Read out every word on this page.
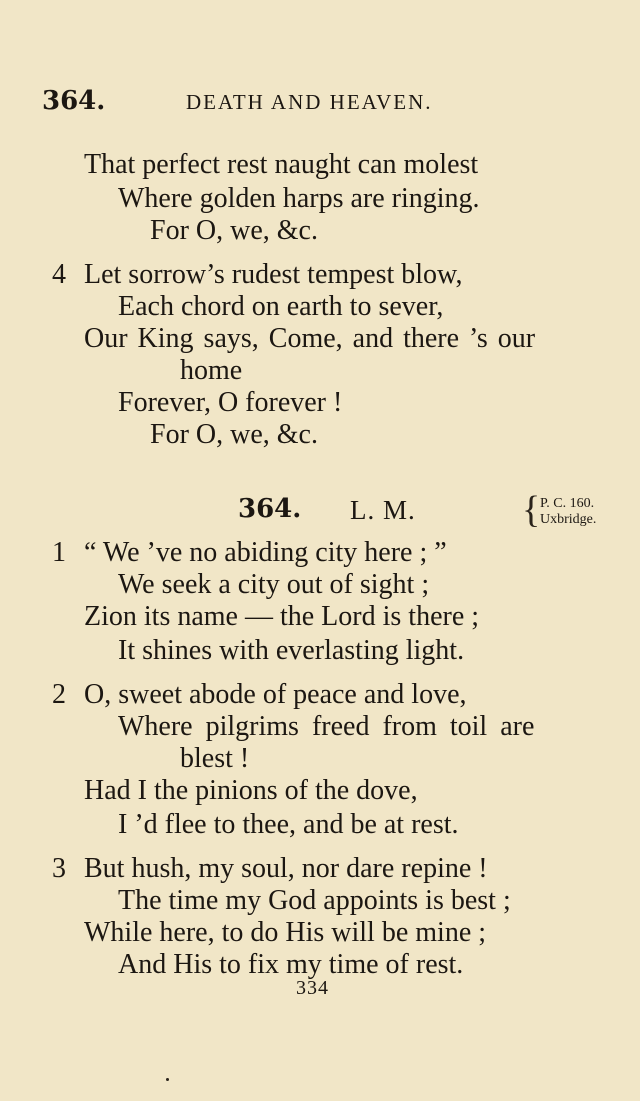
364.	DEATH AND HEAVEN.
That perfect rest naught can molest
Where golden harps are ringing.
For O, we, &c.
4 Let sorrow’s rudest tempest blow,
Each chord on earth to sever,
Our King says, Come, and there ’s our
home
Forever, O forever !
For O, we, &c.
364. L. M.	{ P. C. 160.
Uxbridge.
1 “ We ’ve no abiding city here ; ”
We seek a city out of sight ;
Zion its name — the Lord is there ;
It shines with everlasting light.
2 O, sweet abode of peace and love,
Where pilgrims freed from toil are
blest !
Had I the pinions of the dove,
I ’d flee to thee, and be at rest.
3 But hush, my soul, nor dare repine !
The time my God appoints is best ;
While here, to do His will be mine ;
And His to fix my time of rest.
334
